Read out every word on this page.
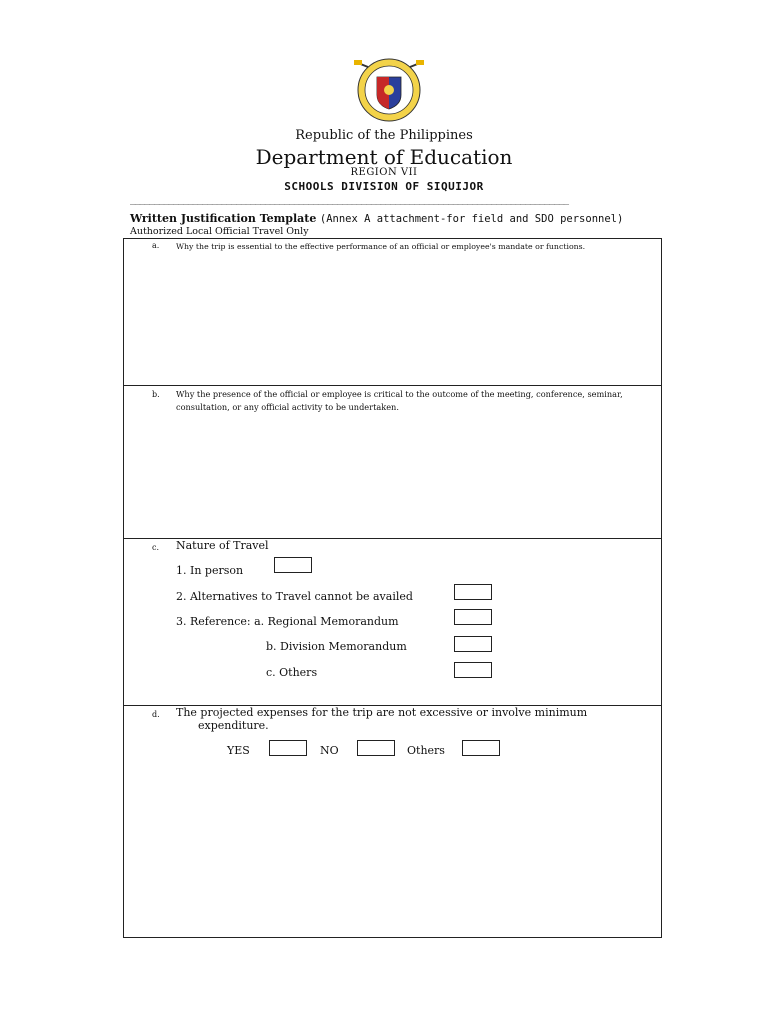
Republic of the Philippines
Department of Education
REGION VII
SCHOOLS DIVISION OF SIQUIJOR
___________________________________________________________________________________________
Written Justification Template (Annex A attachment-for field and SDO personnel)
Authorized Local Official Travel Only
a. Why the trip is essential to the effective performance of an official or employee's mandate or functions.
b. Why the presence of the official or employee is critical to the outcome of the meeting, conference, seminar, consultation, or any official activity to be undertaken.
c. Nature of Travel
1. In person
2. Alternatives to Travel cannot be availed
3. Reference: a. Regional Memorandum
b. Division Memorandum
c. Others
d. The projected expenses for the trip are not excessive or involve minimum
expenditure.
YES	NO	Others
